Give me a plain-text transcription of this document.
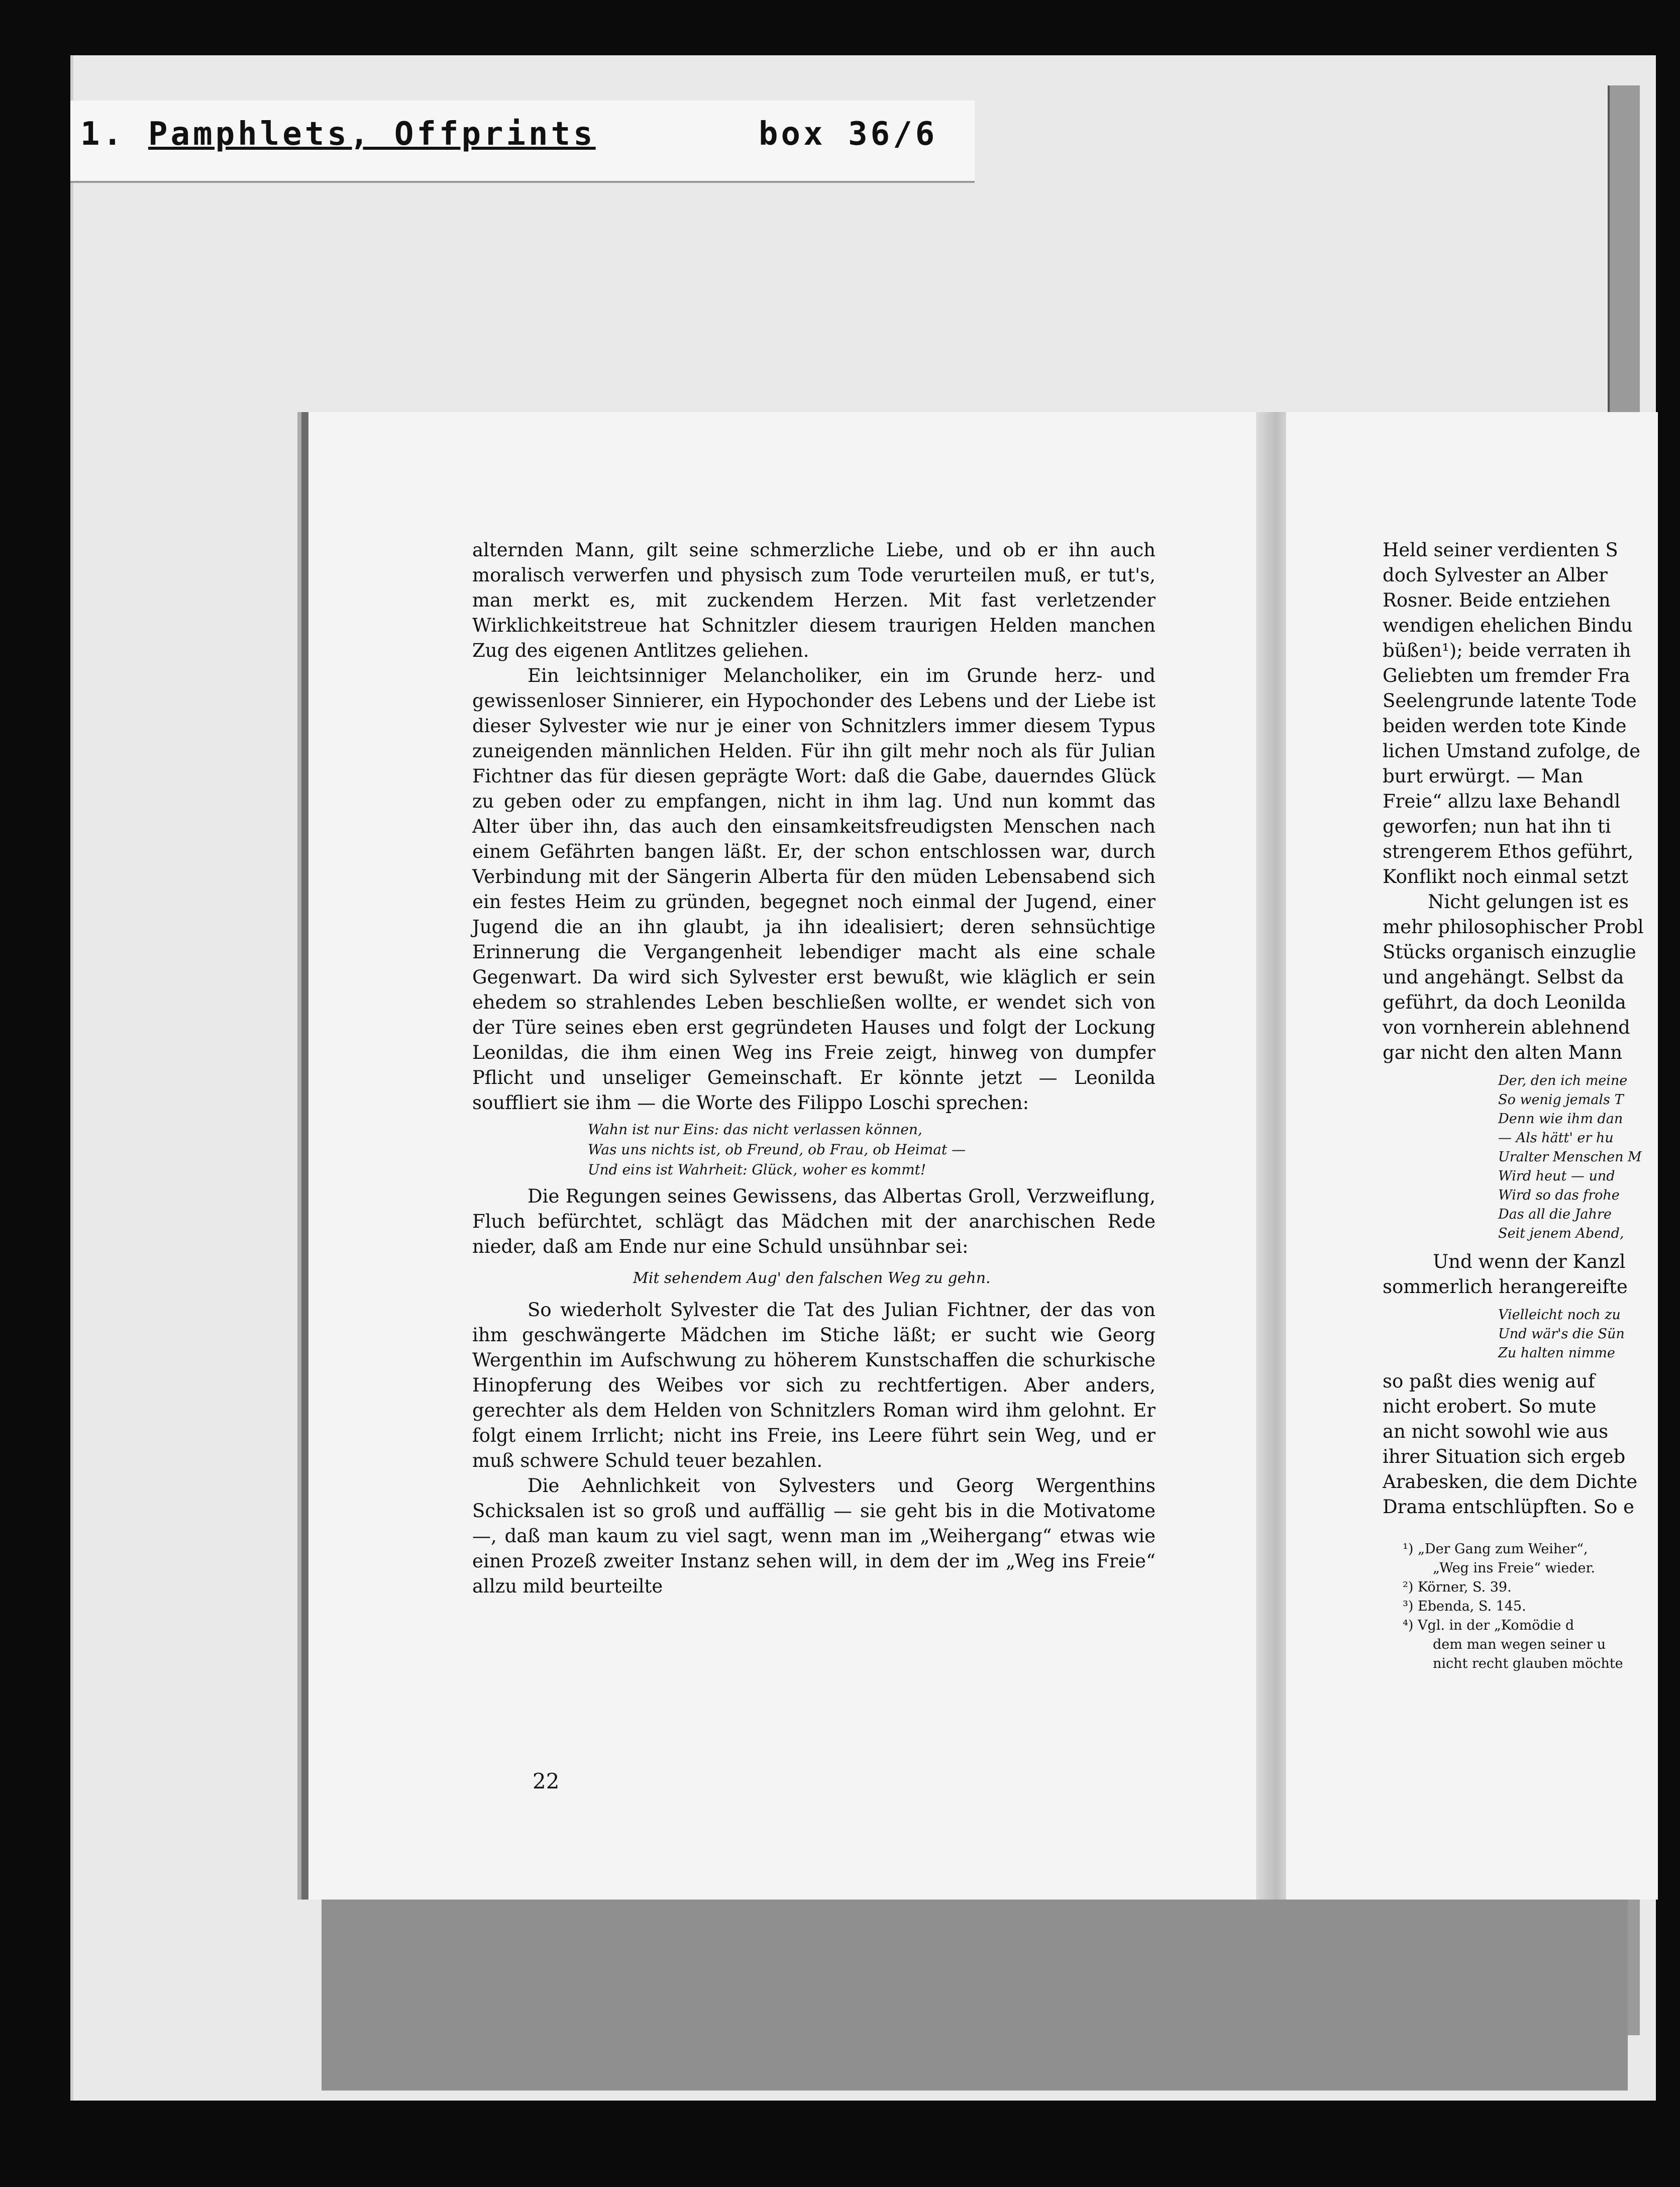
1. Pamphlets, Offprints	box 36/6

alternden Mann, gilt seine schmerzliche Liebe, und ob er ihn auch moralisch verwerfen und physisch zum Tode verurteilen muß, er tut's, man merkt es, mit zuckendem Herzen. Mit fast verletzender Wirklichkeitstreue hat Schnitzler diesem traurigen Helden manchen Zug des eigenen Antlitzes geliehen.

Ein leichtsinniger Melancholiker, ein im Grunde herz- und gewissenloser Sinnierer, ein Hypochonder des Lebens und der Liebe ist dieser Sylvester wie nur je einer von Schnitzlers immer diesem Typus zuneigenden männlichen Helden. Für ihn gilt mehr noch als für Julian Fichtner das für diesen geprägte Wort: daß die Gabe, dauerndes Glück zu geben oder zu empfangen, nicht in ihm lag. Und nun kommt das Alter über ihn, das auch den einsamkeitsfreudigsten Menschen nach einem Gefährten bangen läßt. Er, der schon entschlossen war, durch Verbindung mit der Sängerin Alberta für den müden Lebensabend sich ein festes Heim zu gründen, begegnet noch einmal der Jugend, einer Jugend die an ihn glaubt, ja ihn idealisiert; deren sehnsüchtige Erinnerung die Vergangenheit lebendiger macht als eine schale Gegenwart. Da wird sich Sylvester erst bewußt, wie kläglich er sein ehedem so strahlendes Leben beschließen wollte, er wendet sich von der Türe seines eben erst gegründeten Hauses und folgt der Lockung Leonildas, die ihm einen Weg ins Freie zeigt, hinweg von dumpfer Pflicht und unseliger Gemeinschaft. Er könnte jetzt — Leonilda souffliert sie ihm — die Worte des Filippo Loschi sprechen:

Wahn ist nur Eins: das nicht verlassen können,
Was uns nichts ist, ob Freund, ob Frau, ob Heimat —
Und eins ist Wahrheit: Glück, woher es kommt!

Die Regungen seines Gewissens, das Albertas Groll, Verzweiflung, Fluch befürchtet, schlägt das Mädchen mit der anarchischen Rede nieder, daß am Ende nur eine Schuld unsühnbar sei:

Mit sehendem Aug' den falschen Weg zu gehn.

So wiederholt Sylvester die Tat des Julian Fichtner, der das von ihm geschwängerte Mädchen im Stiche läßt; er sucht wie Georg Wergenthin im Aufschwung zu höherem Kunstschaffen die schurkische Hinopferung des Weibes vor sich zu rechtfertigen. Aber anders, gerechter als dem Helden von Schnitzlers Roman wird ihm gelohnt. Er folgt einem Irrlicht; nicht ins Freie, ins Leere führt sein Weg, und er muß schwere Schuld teuer bezahlen.

Die Aehnlichkeit von Sylvesters und Georg Wergenthins Schicksalen ist so groß und auffällig — sie geht bis in die Motivatome —, daß man kaum zu viel sagt, wenn man im „Weihergang“ etwas wie einen Prozeß zweiter Instanz sehen will, in dem der im „Weg ins Freie“ allzu mild beurteilte

22

Held seiner verdienten S

doch Sylvester an Alber

Rosner. Beide entziehen

wendigen ehelichen Bindu

büßen¹); beide verraten ih

Geliebten um fremder Fra

Seelengrunde latente Tode

beiden werden tote Kinde

lichen Umstand zufolge, de

burt erwürgt. — Man

Freie“ allzu laxe Behandl

geworfen; nun hat ihn ti

strengerem Ethos geführt,

Konflikt noch einmal setzt

Nicht gelungen ist es

mehr philosophischer Probl

Stücks organisch einzuglie

und angehängt. Selbst da

geführt, da doch Leonilda

von vornherein ablehnend

gar nicht den alten Mann

Der, den ich meine
So wenig jemals T
Denn wie ihm dan
— Als hätt' er hu
Uralter Menschen M
Wird heut — und
Wird so das frohe
Das all die Jahre
Seit jenem Abend,

Und wenn der Kanzl

sommerlich herangereifte

Vielleicht noch zu
Und wär's die Sün
Zu halten nimme

so paßt dies wenig auf

nicht erobert. So mute

an nicht sowohl wie aus

ihrer Situation sich ergeb

Arabesken, die dem Dichte

Drama entschlüpften. So e

¹) „Der Gang zum Weiher“,
„Weg ins Freie“ wieder.
²) Körner, S. 39.
³) Ebenda, S. 145.
⁴) Vgl. in der „Komödie d
dem man wegen seiner u
nicht recht glauben möchte
